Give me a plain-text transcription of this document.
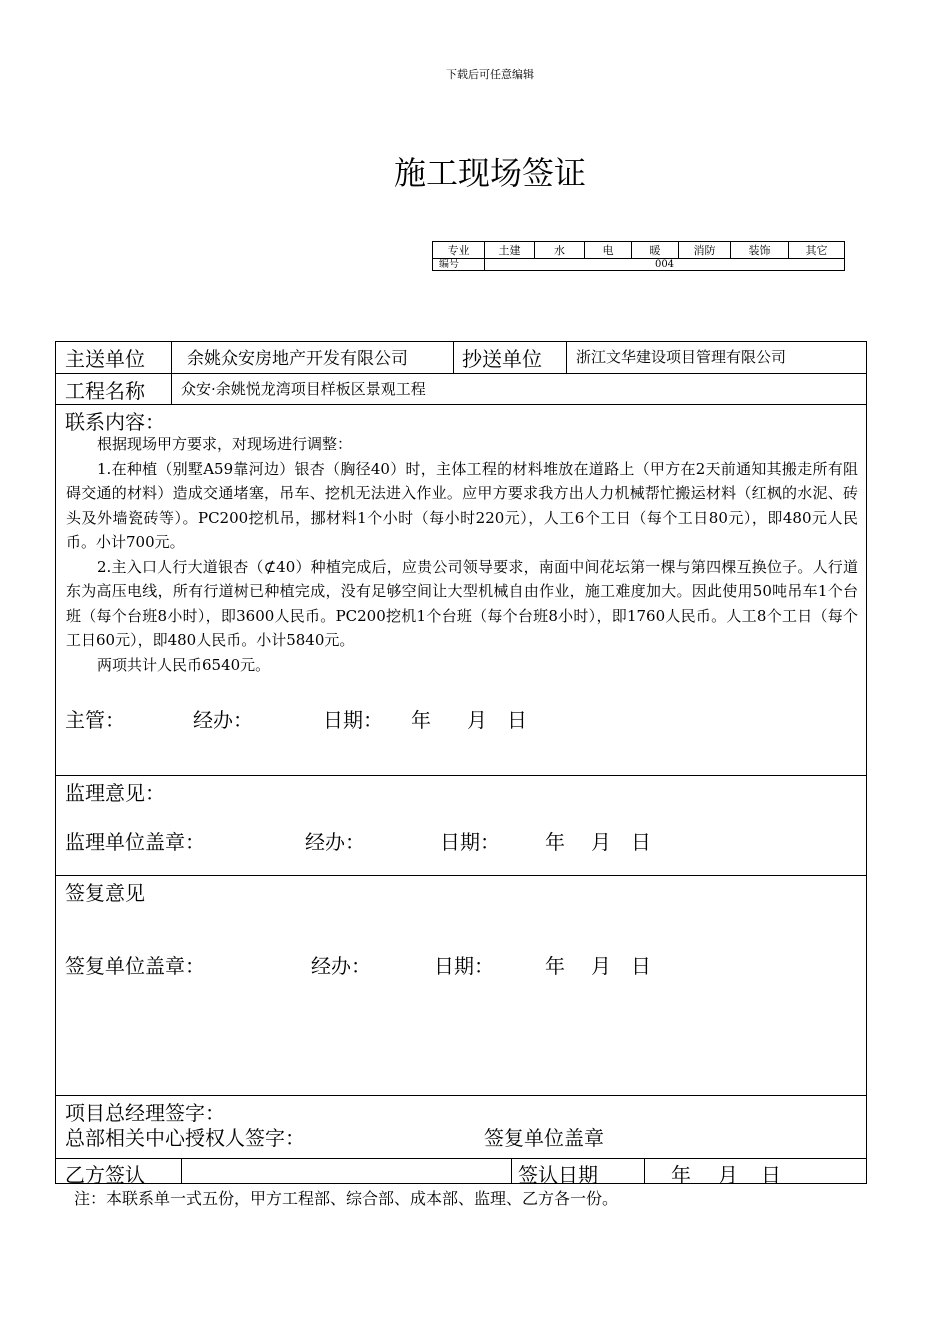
下载后可任意编辑
施工现场签证
专业	土建	水	电	暖	消防	装饰	其它
编号	004						
主送单位 余姚众安房地产开发有限公司	抄送单位 浙江文华建设项目管理有限公司
工程名称 众安·余姚悦龙湾项目样板区景观工程
联系内容：

根据现场甲方要求，对现场进行调整：

1.在种植（别墅A59靠河边）银杏（胸径40）时，主体工程的材料堆放在道路上（甲方在2天前通知其搬走所有阻碍交通的材料）造成交通堵塞，吊车、挖机无法进入作业。应甲方要求我方出人力机械帮忙搬运材料（红枫的水泥、砖头及外墙瓷砖等）。PC200挖机吊，挪材料1个小时（每小时220元），人工6个工日（每个工日80元），即480元人民币。小计700元。

2.主入口人行大道银杏（⊄40）种植完成后，应贵公司领导要求，南面中间花坛第一棵与第四棵互换位子。人行道东为高压电线，所有行道树已种植完成，没有足够空间让大型机械自由作业，施工难度加大。因此使用50吨吊车1个台班（每个台班8小时），即3600人民币。PC200挖机1个台班（每个台班8小时），即1760人民币。人工8个工日（每个工日60元），即480人民币。小计5840元。

两项共计人民币6540元。

主管：	经办：	日期： 年 月 日
监理意见：
监理单位盖章：	经办：	日期： 年 月 日
签复意见
签复单位盖章：	经办：	日期：	年 月 日
项目总经理签字：
总部相关中心授权人签字：	签复单位盖章
乙方签认	签认日期	年 月 日
注：本联系单一式五份，甲方工程部、综合部、成本部、监理、乙方各一份。
